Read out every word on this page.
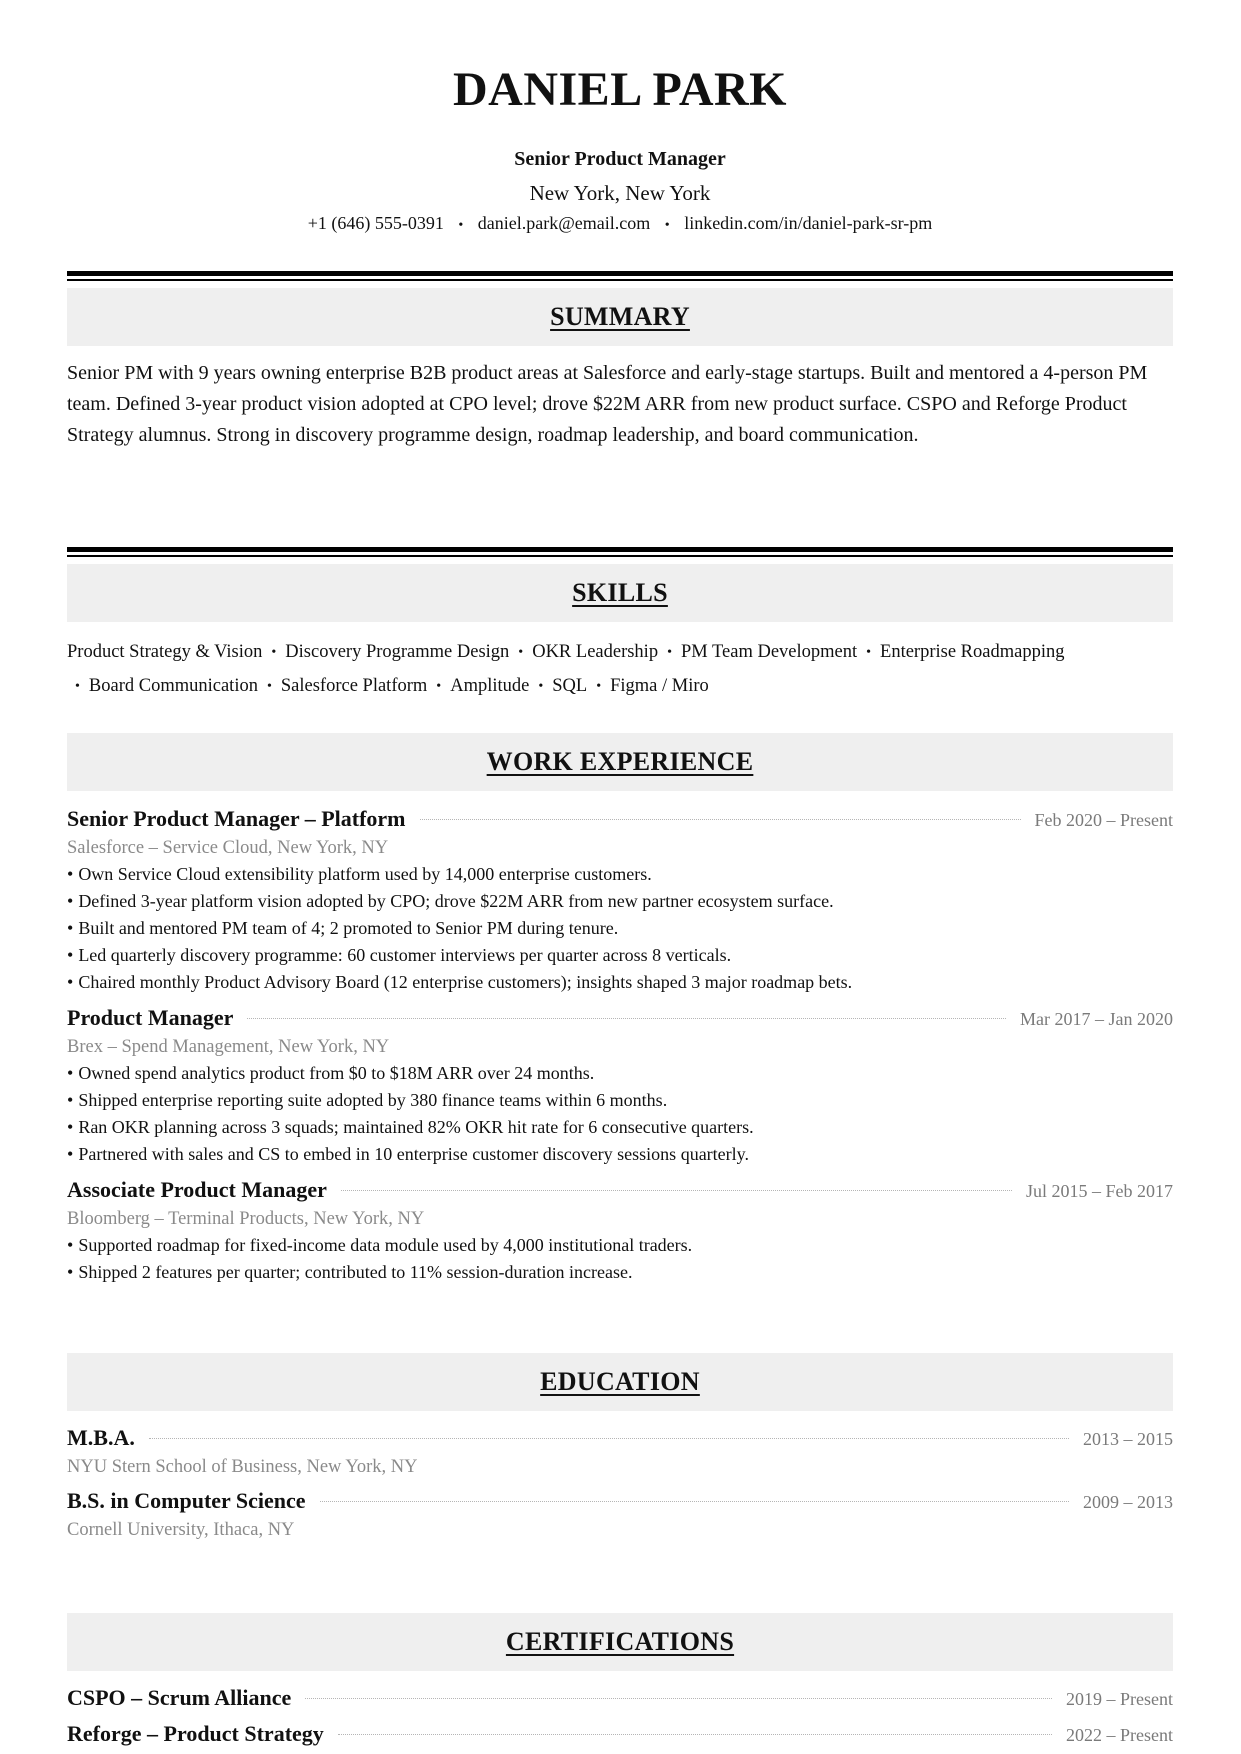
DANIEL PARK
Senior Product Manager
New York, New York
+1 (646) 555-0391 • daniel.park@email.com • linkedin.com/in/daniel-park-sr-pm
SUMMARY

Senior PM with 9 years owning enterprise B2B product areas at Salesforce and early-stage startups. Built and mentored a 4-person PM team. Defined 3-year product vision adopted at CPO level; drove $22M ARR from new product surface. CSPO and Reforge Product Strategy alumnus. Strong in discovery programme design, roadmap leadership, and board communication.

SKILLS
Product Strategy & Vision • Discovery Programme Design • OKR Leadership • PM Team Development • Enterprise Roadmapping
• Board Communication • Salesforce Platform • Amplitude • SQL • Figma / Miro
WORK EXPERIENCE
Senior Product Manager – Platform	Feb 2020 – Present
Salesforce – Service Cloud, New York, NY
• Own Service Cloud extensibility platform used by 14,000 enterprise customers.
• Defined 3-year platform vision adopted by CPO; drove $22M ARR from new partner ecosystem surface.
• Built and mentored PM team of 4; 2 promoted to Senior PM during tenure.
• Led quarterly discovery programme: 60 customer interviews per quarter across 8 verticals.
• Chaired monthly Product Advisory Board (12 enterprise customers); insights shaped 3 major roadmap bets.
Product Manager	Mar 2017 – Jan 2020
Brex – Spend Management, New York, NY
• Owned spend analytics product from $0 to $18M ARR over 24 months.
• Shipped enterprise reporting suite adopted by 380 finance teams within 6 months.
• Ran OKR planning across 3 squads; maintained 82% OKR hit rate for 6 consecutive quarters.
• Partnered with sales and CS to embed in 10 enterprise customer discovery sessions quarterly.
Associate Product Manager	Jul 2015 – Feb 2017
Bloomberg – Terminal Products, New York, NY
• Supported roadmap for fixed-income data module used by 4,000 institutional traders.
• Shipped 2 features per quarter; contributed to 11% session-duration increase.
EDUCATION
M.B.A.	2013 – 2015
NYU Stern School of Business, New York, NY
B.S. in Computer Science	2009 – 2013
Cornell University, Ithaca, NY
CERTIFICATIONS
CSPO – Scrum Alliance	2019 – Present
Reforge – Product Strategy	2022 – Present
